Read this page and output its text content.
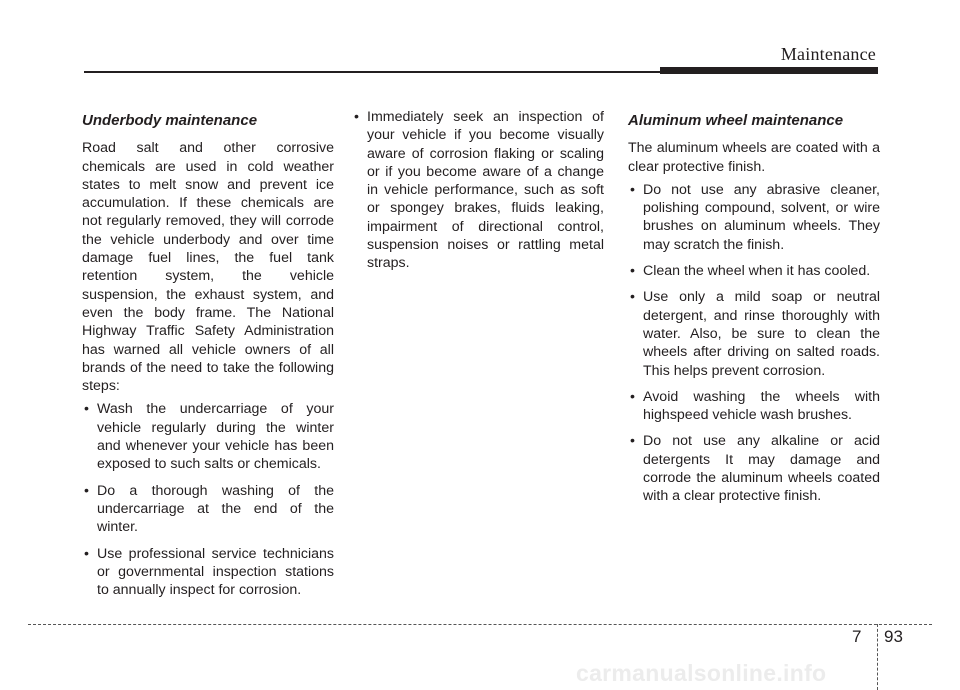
Maintenance
Underbody maintenance
Road salt and other corrosive chemicals are used in cold weather states to melt snow and prevent ice accumulation. If these chemicals are not regularly removed, they will corrode the vehicle underbody and over time damage fuel lines, the fuel tank retention system, the vehicle suspension, the exhaust system, and even the body frame. The National Highway Traffic Safety Administration has warned all vehicle owners of all brands of the need to take the following steps:
• Wash the undercarriage of your vehicle regularly during the winter and whenever your vehicle has been exposed to such salts or chemicals.
• Do a thorough washing of the undercarriage at the end of the winter.
• Use professional service technicians or governmental inspection stations to annually inspect for corrosion.
• Immediately seek an inspection of your vehicle if you become visually aware of corrosion flaking or scaling or if you become aware of a change in vehicle performance, such as soft or spongey brakes, fluids leaking, impairment of directional control, suspension noises or rattling metal straps.
Aluminum wheel maintenance
The aluminum wheels are coated with a clear protective finish.
• Do not use any abrasive cleaner, polishing compound, solvent, or wire brushes on aluminum wheels. They may scratch the finish.
• Clean the wheel when it has cooled.
• Use only a mild soap or neutral detergent, and rinse thoroughly with water. Also, be sure to clean the wheels after driving on salted roads. This helps prevent corrosion.
• Avoid washing the wheels with highspeed vehicle wash brushes.
• Do not use any alkaline or acid detergents It may damage and corrode the aluminum wheels coated with a clear protective finish.
7 93
carmanualsonline.info
